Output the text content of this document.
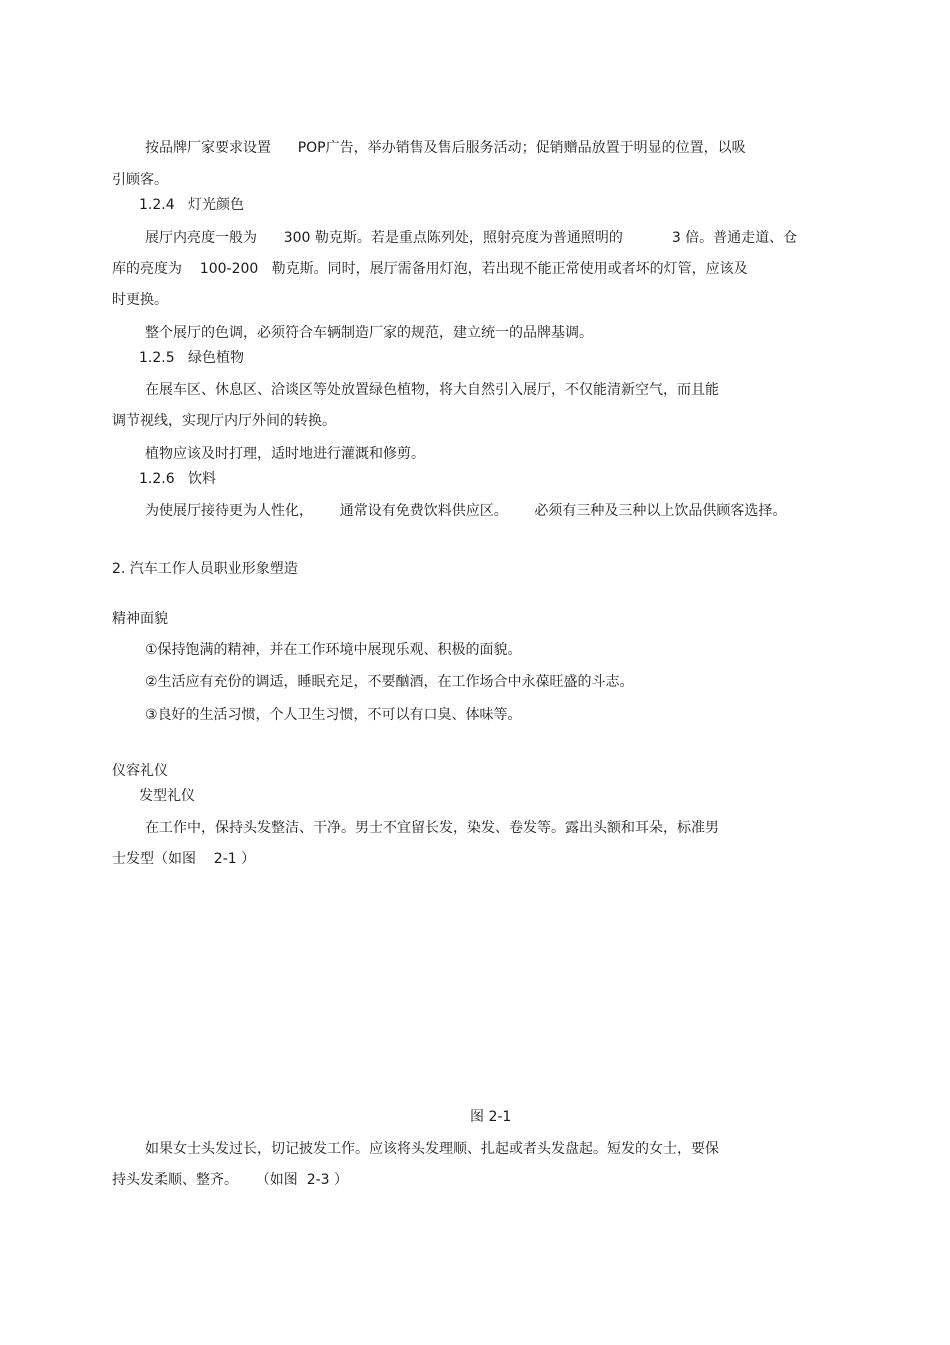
按品牌厂家要求设置      POP广告，举办销售及售后服务活动；促销赠品放置于明显的位置，以吸
引顾客。
1.2.4   灯光颜色
展厅内亮度一般为      300 勒克斯。若是重点陈列处，照射亮度为普通照明的           3 倍。普通走道、仓
库的亮度为    100-200   勒克斯。同时，展厅需备用灯泡，若出现不能正常使用或者坏的灯管，应该及
时更换。
整个展厅的色调，必须符合车辆制造厂家的规范，建立统一的品牌基调。
1.2.5   绿色植物
在展车区、休息区、洽谈区等处放置绿色植物，将大自然引入展厅，不仅能清新空气，而且能
调节视线，实现厅内厅外间的转换。
植物应该及时打理，适时地进行灌溉和修剪。
1.2.6   饮料
为使展厅接待更为人性化，      通常设有免费饮料供应区。      必须有三种及三种以上饮品供顾客选择。
2. 汽车工作人员职业形象塑造
精神面貌
①保持饱满的精神，并在工作环境中展现乐观、积极的面貌。
②生活应有充份的调适，睡眠充足，不要酗酒，在工作场合中永葆旺盛的斗志。
③良好的生活习惯，个人卫生习惯，不可以有口臭、体味等。
仪容礼仪
发型礼仪
在工作中，保持头发整洁、干净。男士不宜留长发，染发、卷发等。露出头额和耳朵，标准男
士发型（如图    2-1 ）
图 2-1
如果女士头发过长，切记披发工作。应该将头发理顺、扎起或者头发盘起。短发的女士，要保
持头发柔顺、整齐。    （如图  2-3 ）
